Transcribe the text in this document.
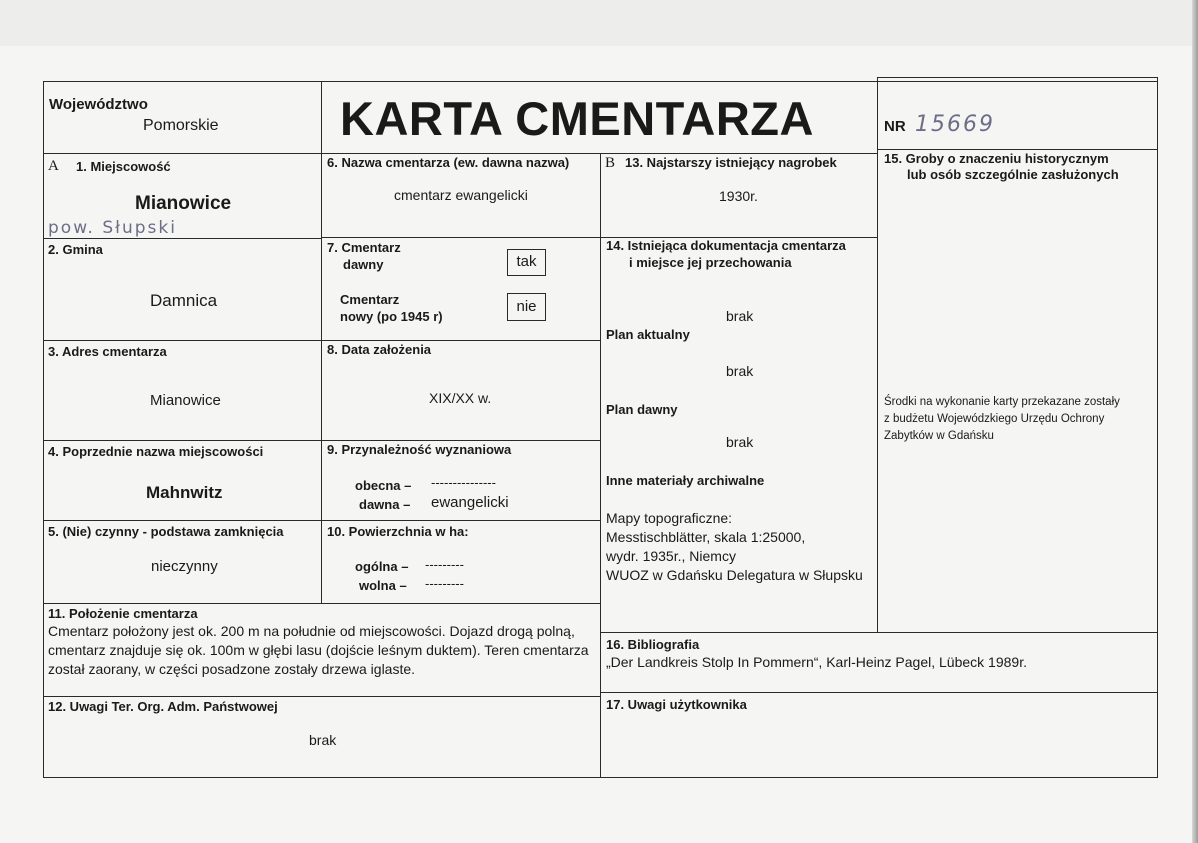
Województwo
Pomorskie	KARTA CMENTARZA	NR 15669
A 1. Miejscowość
Mianowice
pow. Słupski
2. Gmina
Damnica
3. Adres cmentarza
Mianowice
4. Poprzednie nazwa miejscowości
Mahnwitz
5. (Nie) czynny - podstawa zamknięcia
nieczynny
6. Nazwa cmentarza (ew. dawna nazwa)
cmentarz ewangelicki
7. Cmentarz
dawny	tak
Cmentarz
nowy (po 1945 r)
nie
8. Data założenia
XIX/XX w.
9. Przynależność wyznaniowa
obecna – ---------------
dawna – ewangelicki
10. Powierzchnia w ha:
ogólna – ---------
wolna – ---------
11. Położenie cmentarza
Cmentarz położony jest ok. 200 m na południe od miejscowości. Dojazd drogą polną,
cmentarz znajduje się ok. 100m w głębi lasu (dojście leśnym duktem). Teren cmentarza
został zaorany, w części posadzone zostały drzewa iglaste.
12. Uwagi Ter. Org. Adm. Państwowej
brak
B 13. Najstarszy istniejący nagrobek
1930r.
14. Istniejąca dokumentacja cmentarza
i miejsce jej przechowania
brak
Plan aktualny
brak
Plan dawny
brak
Inne materiały archiwalne
Mapy topograficzne:
Messtischblätter, skala 1:25000,
wydr. 1935r., Niemcy
WUOZ w Gdańsku Delegatura w Słupsku
15. Groby o znaczeniu historycznym
lub osób szczególnie zasłużonych
Środki na wykonanie karty przekazane zostały
z budżetu Wojewódzkiego Urzędu Ochrony
Zabytków w Gdańsku
16. Bibliografia
„Der Landkreis Stolp In Pommern“, Karl-Heinz Pagel, Lübeck 1989r.
17. Uwagi użytkownika
